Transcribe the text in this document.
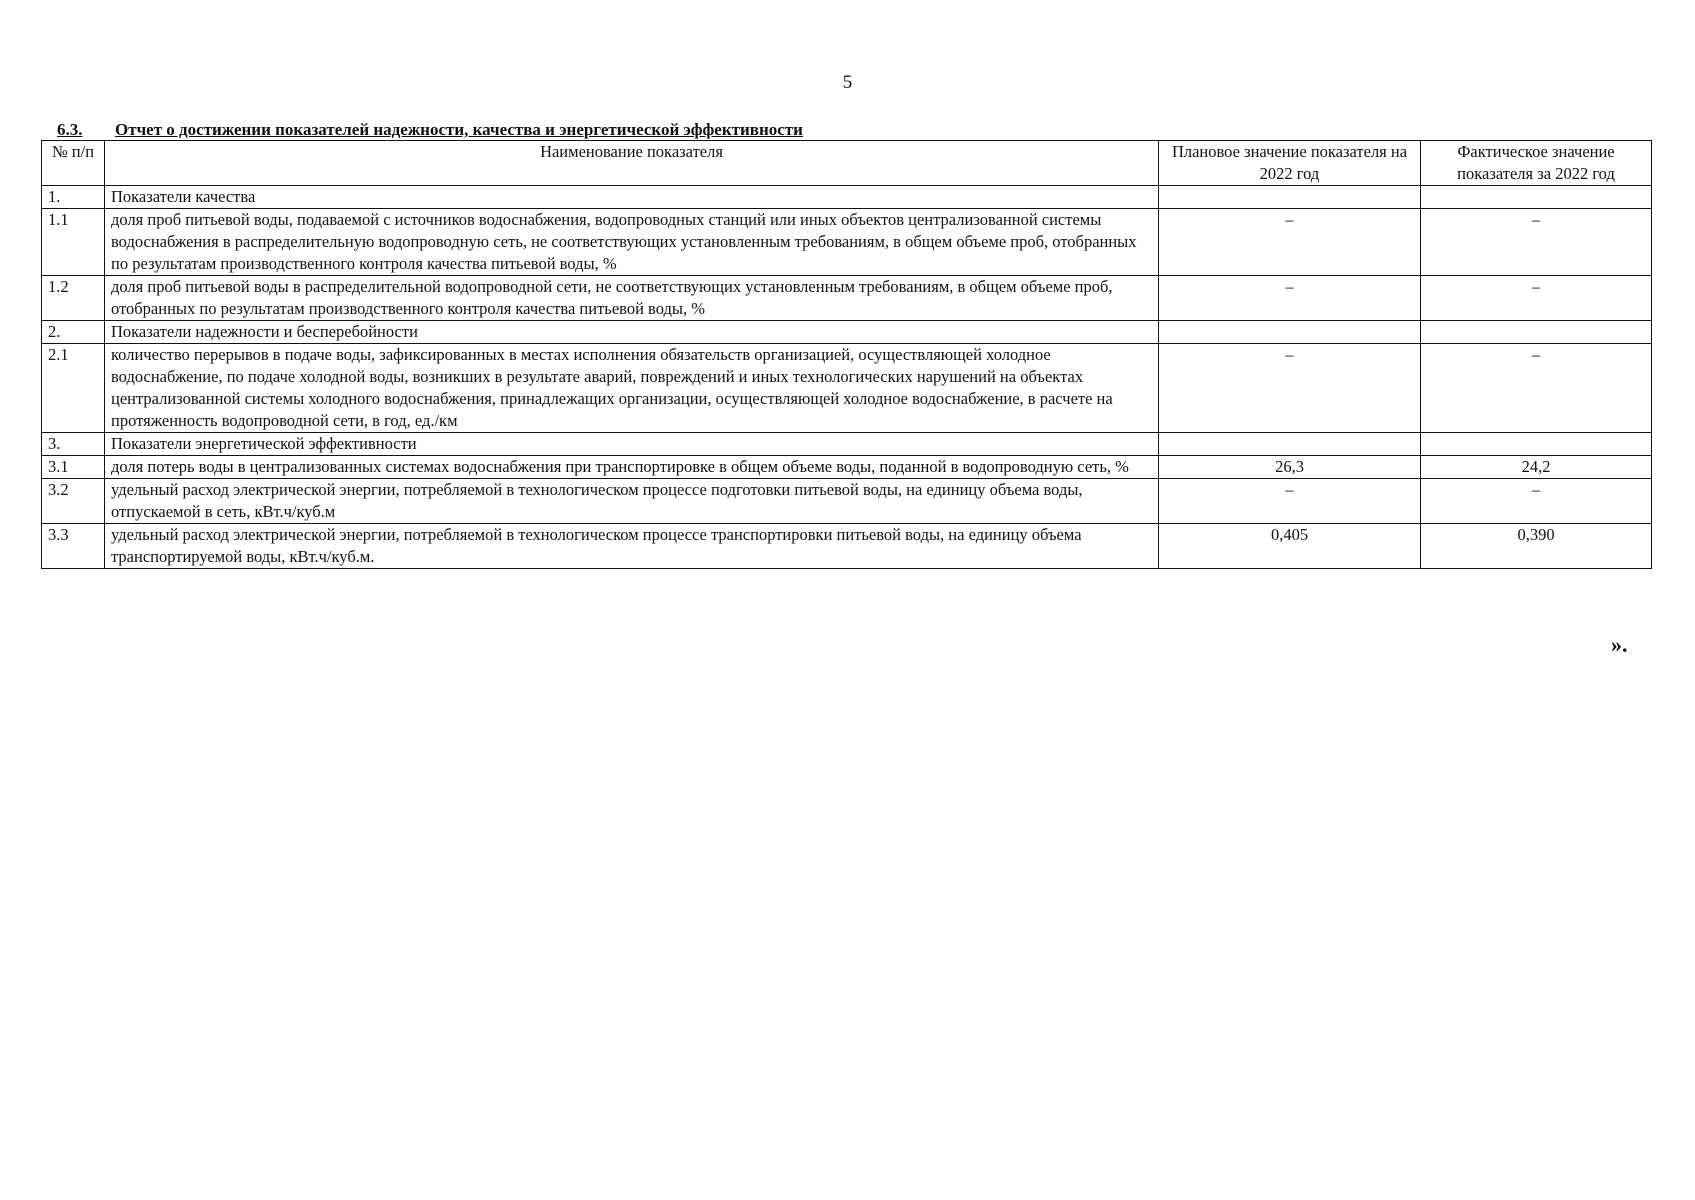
5
6.3. Отчет о достижении показателей надежности, качества и энергетической эффективности
№ п/п	Наименование показателя	Плановое значение показателя на 2022 год	Фактическое значение показателя за 2022 год
1.	Показатели качества		
1.1	доля проб питьевой воды, подаваемой с источников водоснабжения, водопроводных станций или иных объектов централизованной системы водоснабжения в распределительную водопроводную сеть, не соответствующих установленным требованиям, в общем объеме проб, отобранных по результатам производственного контроля качества питьевой воды, %	–	–
1.2	доля проб питьевой воды в распределительной водопроводной сети, не соответствующих установленным требованиям, в общем объеме проб, отобранных по результатам производственного контроля качества питьевой воды, %	–	–
2.	Показатели надежности и бесперебойности		
2.1	количество перерывов в подаче воды, зафиксированных в местах исполнения обязательств организацией, осуществляющей холодное водоснабжение, по подаче холодной воды, возникших в результате аварий, повреждений и иных технологических нарушений на объектах централизованной системы холодного водоснабжения, принадлежащих организации, осуществляющей холодное водоснабжение, в расчете на протяженность водопроводной сети, в год, ед./км	–	–
3.	Показатели энергетической эффективности		
3.1	доля потерь воды в централизованных системах водоснабжения при транспортировке в общем объеме воды, поданной в водопроводную сеть, %	26,3	24,2
3.2	удельный расход электрической энергии, потребляемой в технологическом процессе подготовки питьевой воды, на единицу объема воды, отпускаемой в сеть, кВт.ч/куб.м	–	–
3.3	удельный расход электрической энергии, потребляемой в технологическом процессе транспортировки питьевой воды, на единицу объема транспортируемой воды, кВт.ч/куб.м.	0,405	0,390
».
